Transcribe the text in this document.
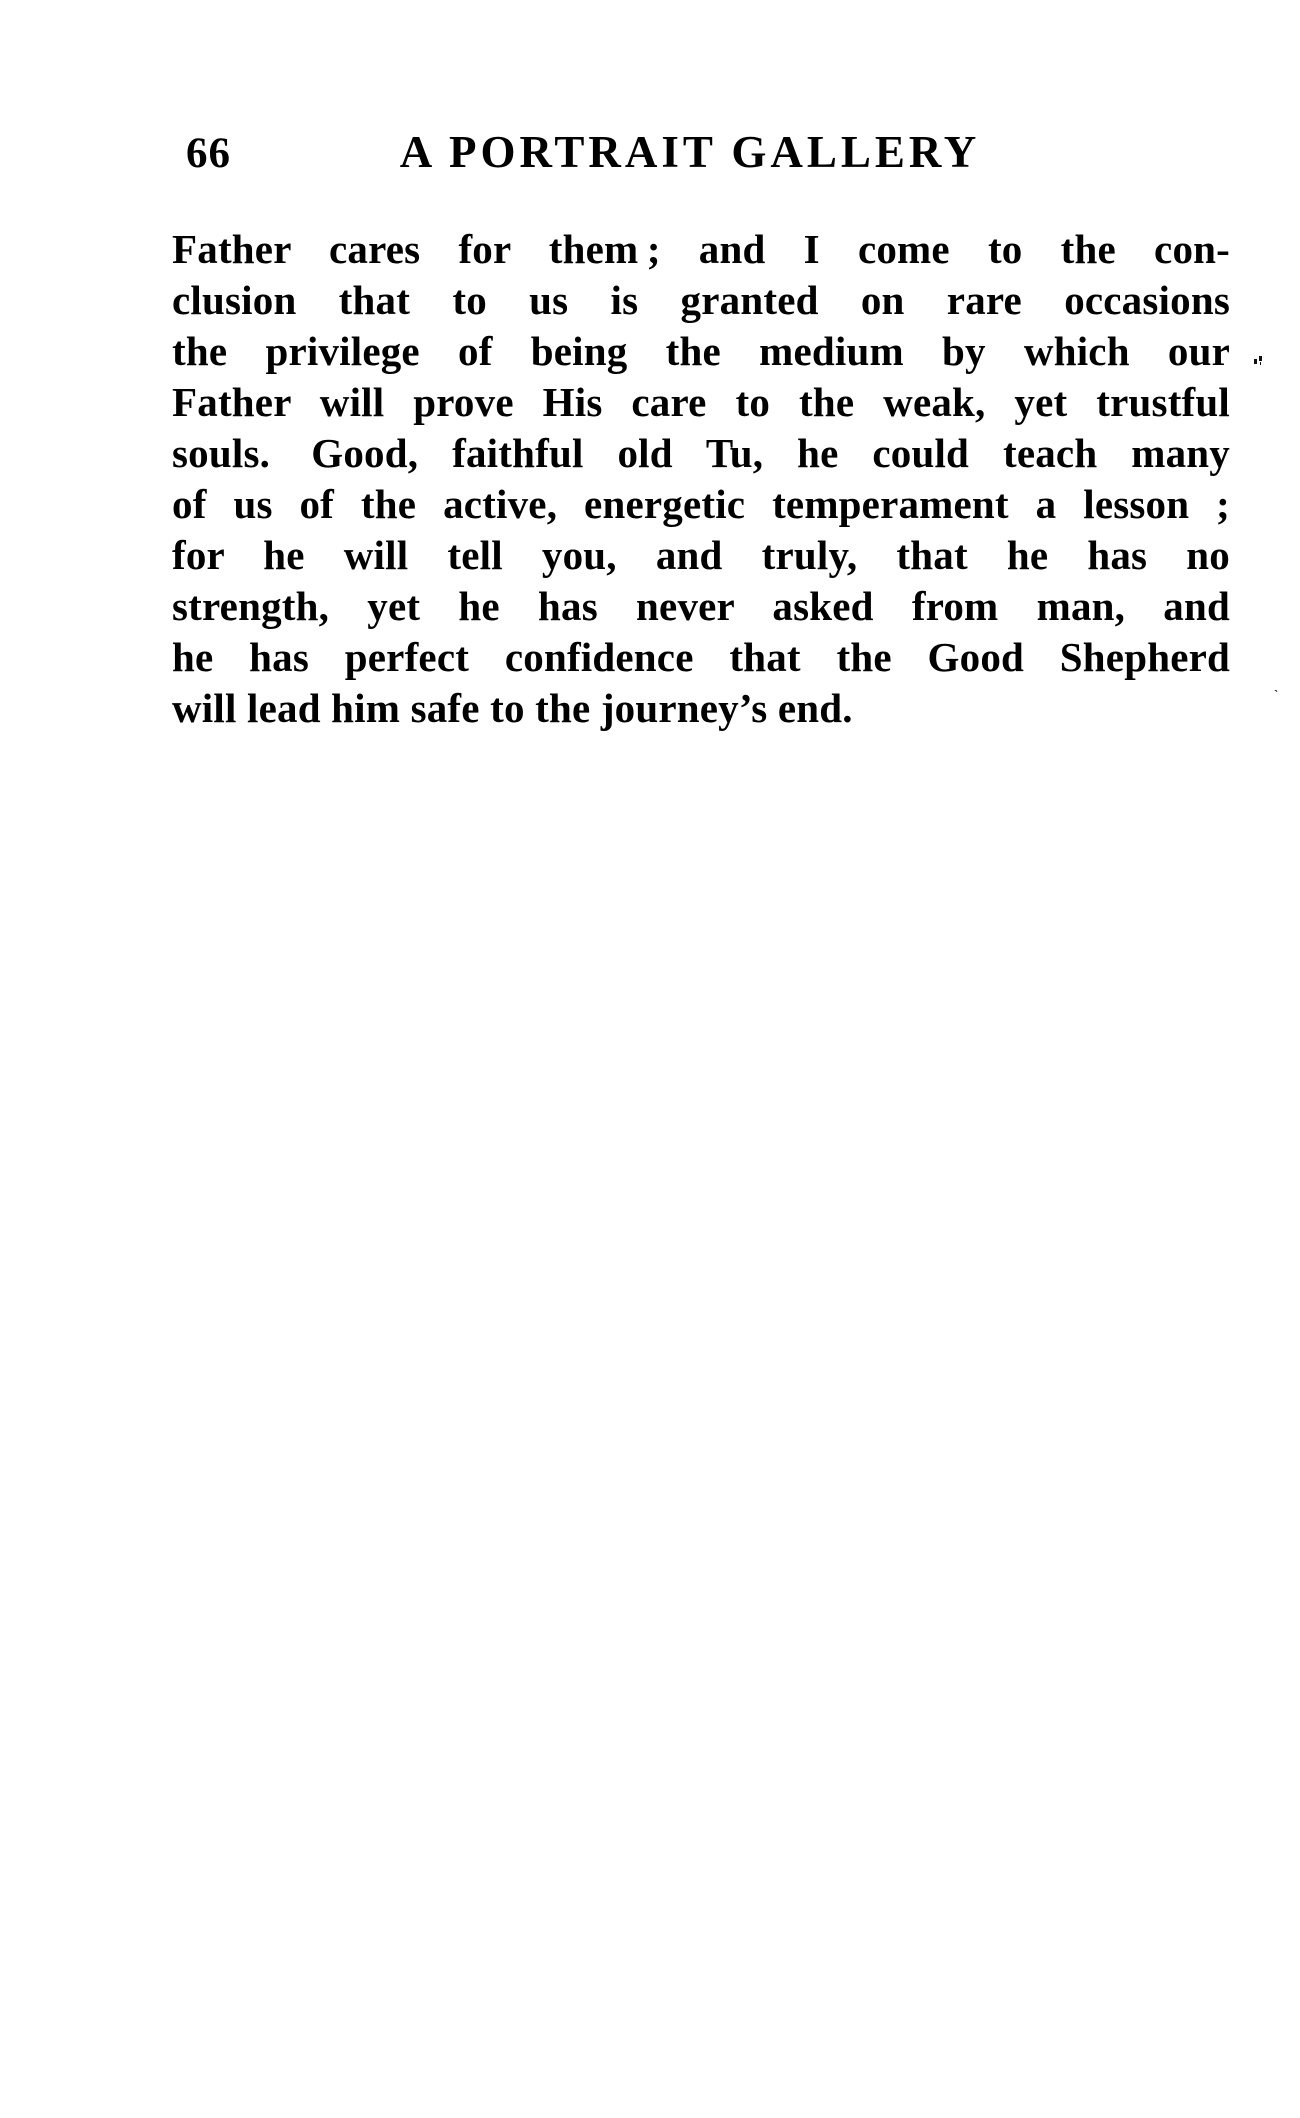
66	A PORTRAIT GALLERY
Father cares for them ; and I come to the con-
clusion that to us is granted on rare occasions
the privilege of being the medium by which our
Father will prove His care to the weak, yet trustful
souls. Good, faithful old Tu, he could teach many
of us of the active, energetic temperament a lesson ;
for he will tell you, and truly, that he has no
strength, yet he has never asked from man, and
he has perfect confidence that the Good Shepherd
will lead him safe to the journey’s end.	ˋ
